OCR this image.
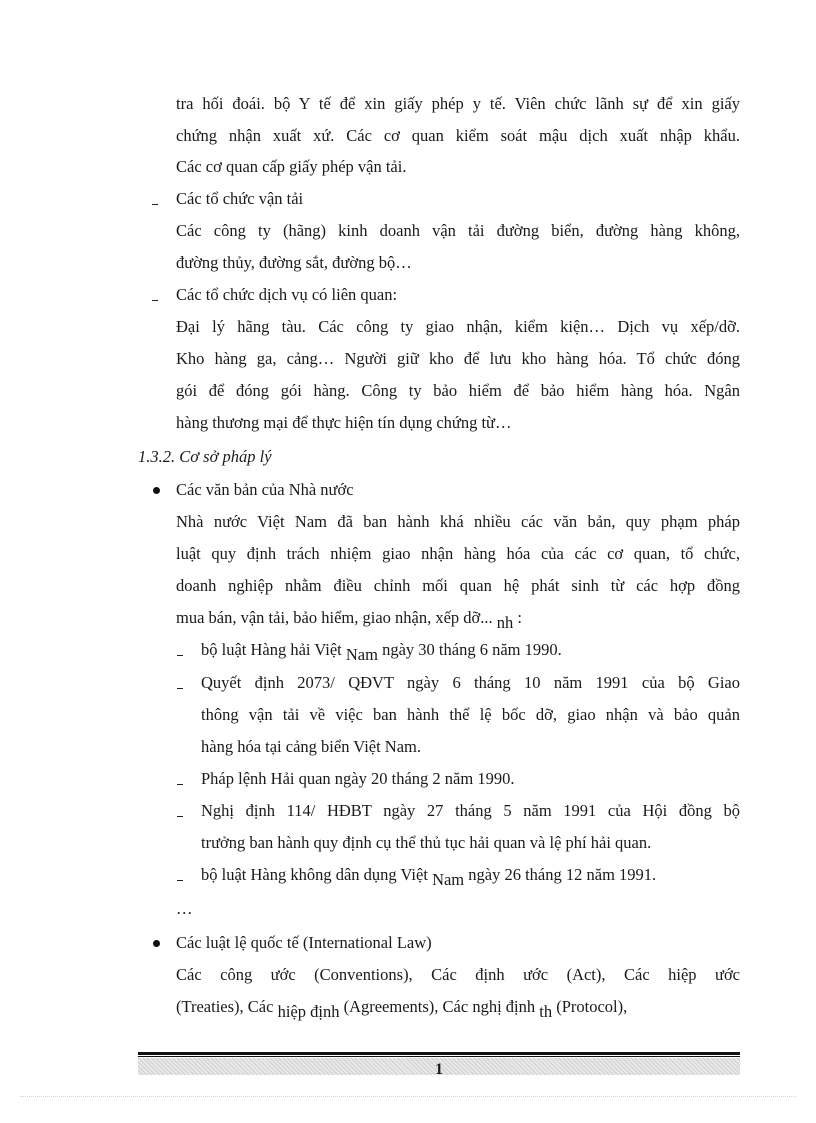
tra hối đoái. bộ Y tế để xin giấy phép y tế. Viên chức lãnh sự để xin giấy
chứng nhận xuất xứ. Các cơ quan kiểm soát mậu dịch xuất nhập khẩu.
Các cơ quan cấp giấy phép vận tải.
Các tổ chức vận tải
Các công ty (hãng) kinh doanh vận tải đường biển, đường hàng không,
đường thủy, đường sắt, đường bộ…
Các tổ chức dịch vụ có liên quan:
Đại lý hãng tàu. Các công ty giao nhận, kiểm kiện… Dịch vụ xếp/dỡ.
Kho hàng ga, cảng… Người giữ kho để lưu kho hàng hóa. Tổ chức đóng
gói để đóng gói hàng. Công ty bảo hiểm để bảo hiểm hàng hóa. Ngân
hàng thương mại để thực hiện tín dụng chứng từ…
1.3.2. Cơ sở pháp lý
Các văn bản của Nhà nước
Nhà nước Việt Nam đã ban hành khá nhiều các văn bản, quy phạm pháp
luật quy định trách nhiệm giao nhận hàng hóa của các cơ quan, tổ chức,
doanh nghiệp nhằm điều chỉnh mối quan hệ phát sinh từ các hợp đồng
mua bán, vận tải, bảo hiểm, giao nhận, xếp dỡ... nh :
bộ luật Hàng hải Việt Nam ngày 30 tháng 6 năm 1990.
Quyết định 2073/ QĐVT ngày 6 tháng 10 năm 1991 của bộ Giao
thông vận tải về việc ban hành thể lệ bốc dỡ, giao nhận và bảo quản
hàng hóa tại cảng biển Việt Nam.
Pháp lệnh Hải quan ngày 20 tháng 2 năm 1990.
Nghị định 114/ HĐBT ngày 27 tháng 5 năm 1991 của Hội đồng bộ
trưởng ban hành quy định cụ thể thủ tục hải quan và lệ phí hải quan.
bộ luật Hàng không dân dụng Việt Nam ngày 26 tháng 12 năm 1991.
…
Các luật lệ quốc tế (International Law)
Các công ước (Conventions), Các định ước (Act), Các hiệp ước
(Treaties), Các hiệp định (Agreements), Các nghị định th (Protocol),
1
